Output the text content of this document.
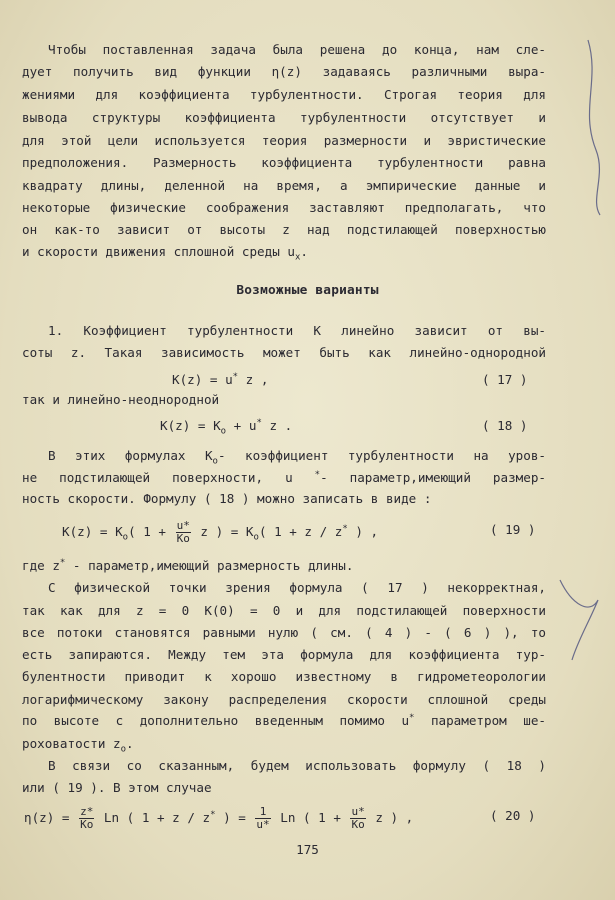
Чтобы поставленная задача была решена до конца, нам сле-
дует получить вид функции η(z) задаваясь различными выра-
жениями для коэффициента турбулентности. Строгая теория для
вывода структуры коэффициента турбулентности отсутствует и
для этой цели используется теория размерности и эвристические
предположения. Размерность коэффициента турбулентности равна
квадрату длины, деленной на время, а эмпирические данные и
некоторые физические соображения заставляют предполагать, что
он как-то зависит от высоты z над подстилающей поверхностью
и скорости движения сплошной среды $u_x$.
Возможные варианты
1. Коэффициент турбулентности К линейно зависит от вы-
соты z. Такая зависимость может быть как линейно-однородной
K(z) = u* z ,	( 17 )
так и линейно-неоднородной
$K(z) = K_o + u^*$ z .	( 18 )
В этих формулах $K_o-$ коэффициент турбулентности на уров-
не подстилающей поверхности, u *- параметр,имеющий размер-
ность скорости. Формулу ( 18 ) можно записать в виде :
$K(z) = K_o$( $1 + \frac{u*}{Ko}$ z ) = $K_o$( 1 + z / z* ) ,	( 19 )
где z* - параметр,имеющий размерность длины.
С физической точки зрения формула ( 17 ) некорректная,
так как для z = 0 K(0) = 0 и для подстилающей поверхности
все потоки становятся равными нулю ( см. ( 4 ) - ( 6 ) ), то
есть запираются. Между тем эта формула для коэффициента тур-
булентности приводит к хорошо известному в гидрометеорологии
логарифмическому закону распределения скорости сплошной среды
по высоте с дополнительно введенным помимо u* параметром ше-
роховатости $z_o$.
В связи со сказанным, будем использовать формулу ( 18 )
или ( 19 ). В этом случае
$\eta(z) = \frac{z*}{Ko}$ Ln ( 1 + z / z* ) = $\frac{1}{u*}$ Ln ( $1 + \frac{u*}{Ko}$ z ) ,	( 20 )
175
